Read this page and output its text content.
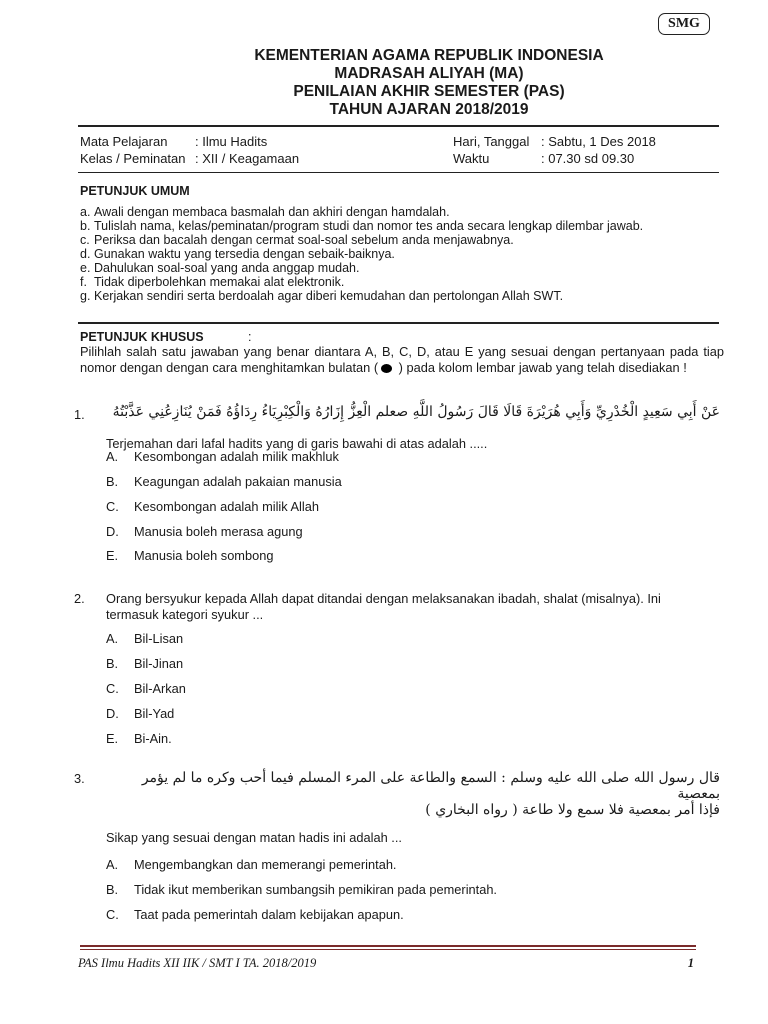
SMG
KEMENTERIAN AGAMA REPUBLIK INDONESIA
MADRASAH ALIYAH (MA)
PENILAIAN AKHIR SEMESTER (PAS)
TAHUN AJARAN 2018/2019
Mata Pelajaran : Ilmu Hadits
Kelas / Peminatan : XII / Keagamaan
Hari, Tanggal : Sabtu, 1 Des 2018
Waktu	: 07.30 sd 09.30
PETUNJUK UMUM
a. Awali dengan membaca basmalah dan akhiri dengan hamdalah.
b. Tulislah nama, kelas/peminatan/program studi dan nomor tes anda secara lengkap dilembar jawab.
c. Periksa dan bacalah dengan cermat soal-soal sebelum anda menjawabnya.
d. Gunakan waktu yang tersedia dengan sebaik-baiknya.
e. Dahulukan soal-soal yang anda anggap mudah.
f. Tidak diperbolehkan memakai alat elektronik.
g. Kerjakan sendiri serta berdoalah agar diberi kemudahan dan pertolongan Allah SWT.
PETUNJUK KHUSUS	:
Pilihlah salah satu jawaban yang benar diantara A, B, C, D, atau E yang sesuai dengan pertanyaan pada tiap nomor dengan dengan cara menghitamkan bulatan ( ) pada kolom lembar jawab yang telah disediakan !
1.	عَنْ أَبِي سَعِيدٍ الْخُدْرِيِّ وَأَبِي هُرَيْرَةَ قَالَا قَالَ رَسُولُ اللَّهِ صعلم الْعِزُّ إِزَارُهُ وَالْكِبْرِيَاءُ رِدَاؤُهُ فَمَنْ يُنَازِعُنِي عَذَّبْتُهُ
Terjemahan dari lafal hadits yang di garis bawahi di atas adalah .....
A. Kesombongan adalah milik makhluk
B. Keagungan adalah pakaian manusia
C. Kesombongan adalah milik Allah
D. Manusia boleh merasa agung
E. Manusia boleh sombong
2. Orang bersyukur kepada Allah dapat ditandai dengan melaksanakan ibadah, shalat (misalnya). Ini termasuk kategori syukur ...
A. Bil-Lisan
B. Bil-Jinan
C. Bil-Arkan
D. Bil-Yad
E. Bi-Ain.
3.	قال رسول الله صلى الله عليه وسلم : السمع والطاعة على المرء المسلم فيما أحب وكره ما لم يؤمر بمعصية
فإذا أمر بمعصية فلا سمع ولا طاعة ( رواه البخاري )
Sikap yang sesuai dengan matan hadis ini adalah ...
A. Mengembangkan dan memerangi pemerintah.
B. Tidak ikut memberikan sumbangsih pemikiran pada pemerintah.
C. Taat pada pemerintah dalam kebijakan apapun.
PAS Ilmu Hadits XII IIK / SMT I TA. 2018/2019	1
